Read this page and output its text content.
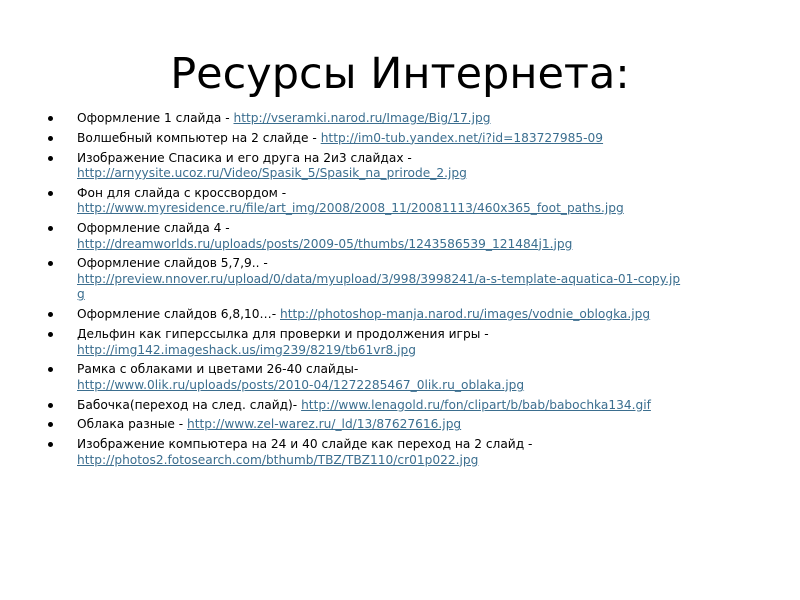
Ресурсы Интернета:
Оформление 1 слайда - http://vseramki.narod.ru/Image/Big/17.jpg
Волшебный компьютер на 2 слайде - http://im0-tub.yandex.net/i?id=183727985-09
Изображение Спасика и его друга на 2и3 слайдах -
http://arnyysite.ucoz.ru/Video/Spasik_5/Spasik_na_prirode_2.jpg
Фон для слайда с кроссвордом -
http://www.myresidence.ru/file/art_img/2008/2008_11/20081113/460x365_foot_paths.jpg
Оформление слайда 4 -
http://dreamworlds.ru/uploads/posts/2009-05/thumbs/1243586539_121484j1.jpg
Оформление слайдов 5,7,9.. -
http://preview.nnover.ru/upload/0/data/myupload/3/998/3998241/a-s-template-aquatica-01-copy.jp
g
Оформление слайдов 6,8,10…- http://photoshop-manja.narod.ru/images/vodnie_oblogka.jpg
Дельфин как гиперссылка для проверки и продолжения игры -
http://img142.imageshack.us/img239/8219/tb61vr8.jpg
Рамка с облаками и цветами 26-40 слайды-
http://www.0lik.ru/uploads/posts/2010-04/1272285467_0lik.ru_oblaka.jpg
Бабочка(переход на след. слайд)- http://www.lenagold.ru/fon/clipart/b/bab/babochka134.gif
Облака разные - http://www.zel-warez.ru/_ld/13/87627616.jpg
Изображение компьютера на 24 и 40 слайде как переход на 2 слайд -
http://photos2.fotosearch.com/bthumb/TBZ/TBZ110/cr01p022.jpg
